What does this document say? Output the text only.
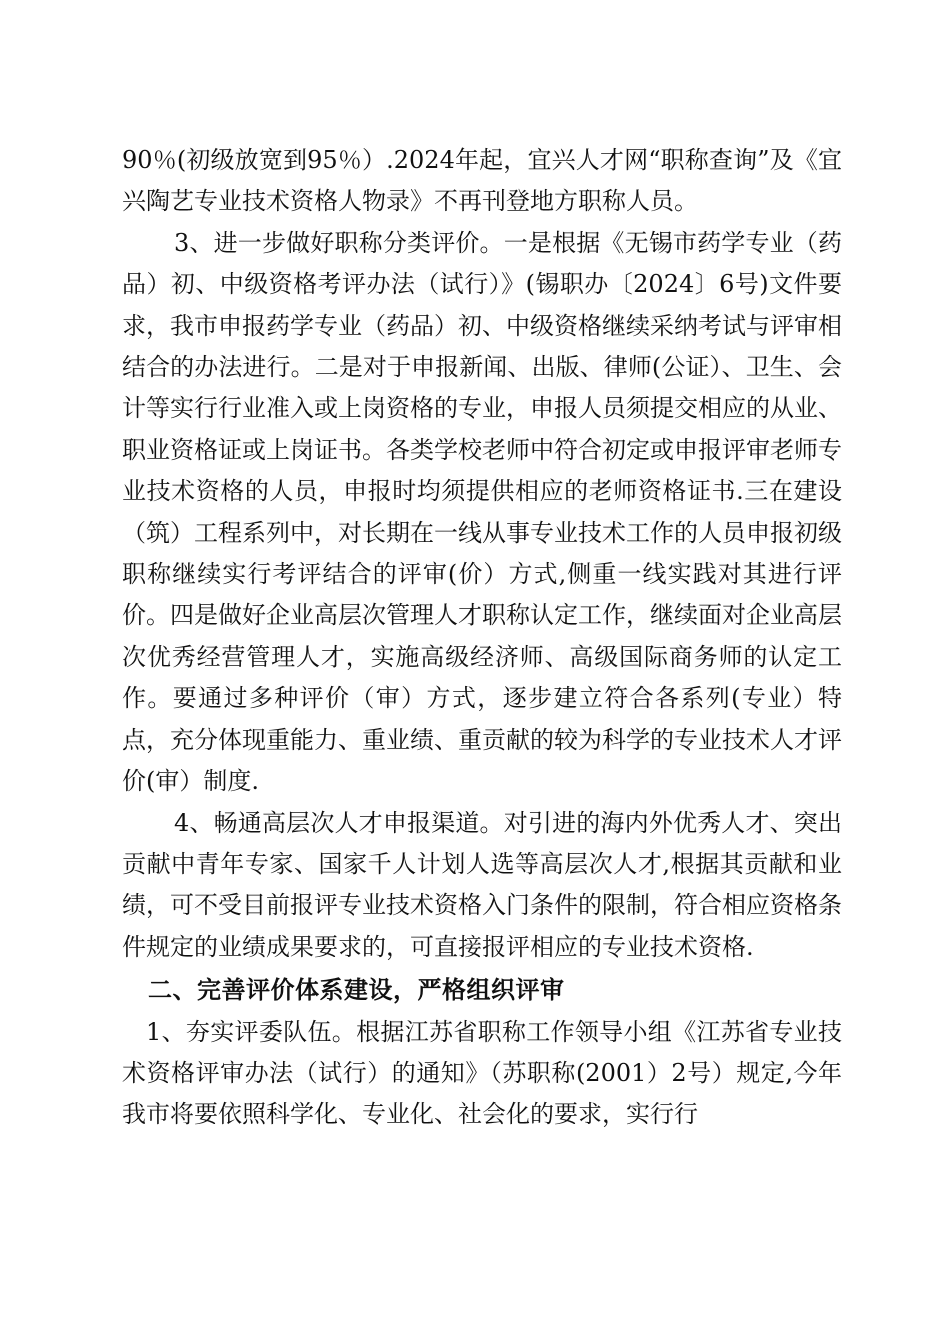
90％(初级放宽到95％）.2024年起，宜兴人才网“职称查询”及《宜兴陶艺专业技术资格人物录》不再刊登地方职称人员。

3、进一步做好职称分类评价。一是根据《无锡市药学专业（药品）初、中级资格考评办法（试行）》(锡职办〔2024〕6号)文件要求，我市申报药学专业（药品）初、中级资格继续采纳考试与评审相结合的办法进行。二是对于申报新闻、出版、律师(公证）、卫生、会计等实行行业准入或上岗资格的专业，申报人员须提交相应的从业、职业资格证或上岗证书。各类学校老师中符合初定或申报评审老师专业技术资格的人员，申报时均须提供相应的老师资格证书.三在建设（筑）工程系列中，对长期在一线从事专业技术工作的人员申报初级职称继续实行考评结合的评审(价）方式,侧重一线实践对其进行评价。四是做好企业高层次管理人才职称认定工作，继续面对企业高层次优秀经营管理人才，实施高级经济师、高级国际商务师的认定工作。要通过多种评价（审）方式，逐步建立符合各系列(专业）特点，充分体现重能力、重业绩、重贡献的较为科学的专业技术人才评价(审）制度.

4、畅通高层次人才申报渠道。对引进的海内外优秀人才、突出贡献中青年专家、国家千人计划人选等高层次人才,根据其贡献和业绩，可不受目前报评专业技术资格入门条件的限制，符合相应资格条件规定的业绩成果要求的，可直接报评相应的专业技术资格.

二、完善评价体系建设，严格组织评审

1、夯实评委队伍。根据江苏省职称工作领导小组《江苏省专业技术资格评审办法（试行）的通知》（苏职称(2001）2号）规定,今年我市将要依照科学化、专业化、社会化的要求，实行行
